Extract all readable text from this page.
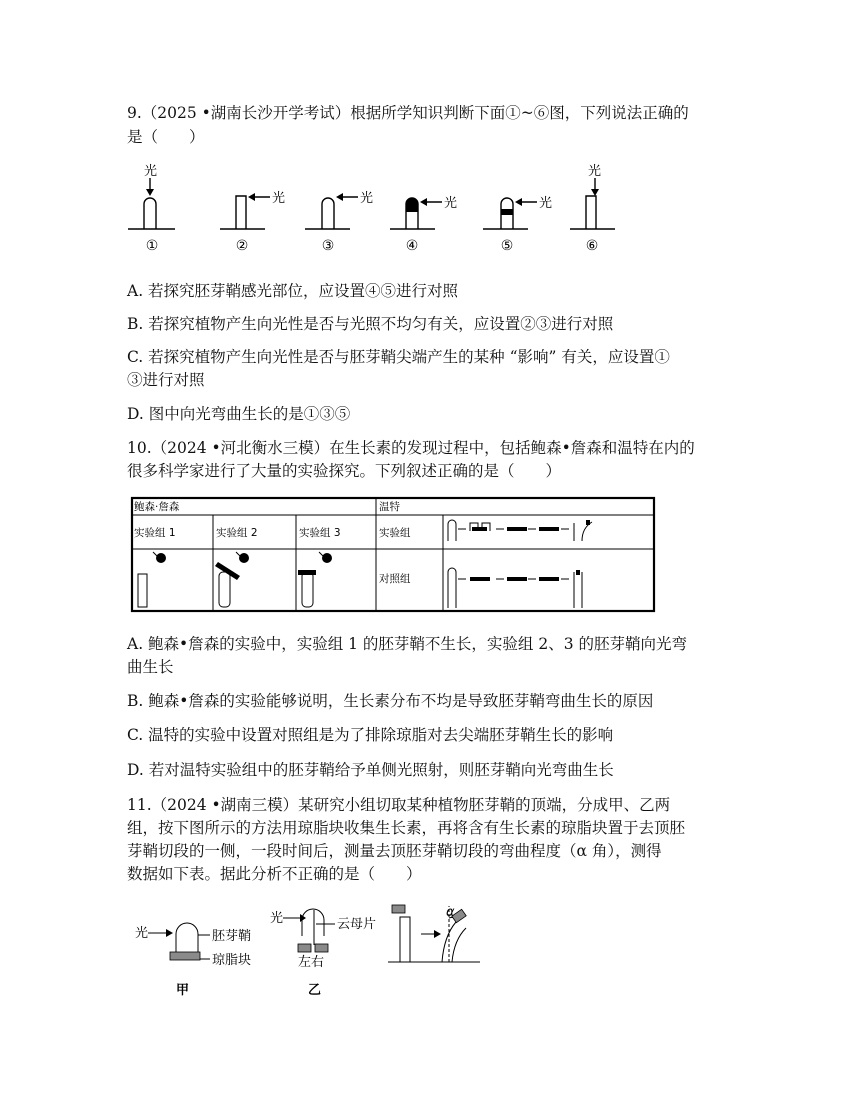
9.（2025 •湖南长沙开学考试）根据所学知识判断下面①~⑥图，下列说法正确的
是（　　）
光
光	光	光	光
光
①	②	③	④	⑤	⑥
A. 若探究胚芽鞘感光部位，应设置④⑤进行对照
B. 若探究植物产生向光性是否与光照不均匀有关，应设置②③进行对照
C. 若探究植物产生向光性是否与胚芽鞘尖端产生的某种 “影响” 有关，应设置①
③进行对照
D. 图中向光弯曲生长的是①③⑤
10.（2024 •河北衡水三模）在生长素的发现过程中，包括鲍森•詹森和温特在内的
很多科学家进行了大量的实验探究。下列叙述正确的是（　　）
鲍森·詹森	温特
实验组 1	实验组 2	实验组 3	实验组
对照组
A. 鲍森•詹森的实验中，实验组 1 的胚芽鞘不生长，实验组 2、3 的胚芽鞘向光弯
曲生长
B. 鲍森•詹森的实验能够说明，生长素分布不均是导致胚芽鞘弯曲生长的原因
C. 温特的实验中设置对照组是为了排除琼脂对去尖端胚芽鞘生长的影响
D. 若对温特实验组中的胚芽鞘给予单侧光照射，则胚芽鞘向光弯曲生长
11.（2024 •湖南三模）某研究小组切取某种植物胚芽鞘的顶端，分成甲、乙两
组，按下图所示的方法用琼脂块收集生长素，再将含有生长素的琼脂块置于去顶胚
芽鞘切段的一侧，一段时间后，测量去顶胚芽鞘切段的弯曲程度（α 角），测得
数据如下表。据此分析不正确的是（　　）
光	胚芽鞘
琼脂块
光	云母片
左右
α
甲	乙
